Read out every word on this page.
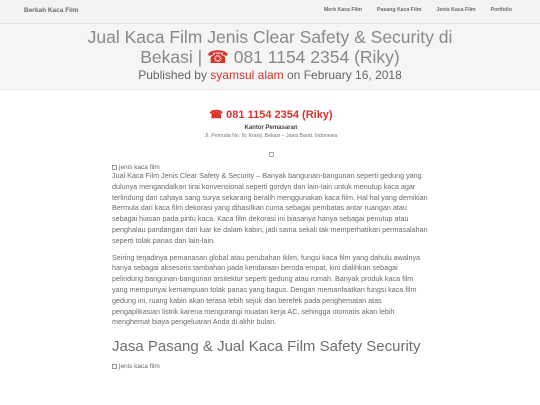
Berkah Kaca Film	Merk Kaca Film	Pasang Kaca Film	Jenis Kaca Film	Portfolio
Jual Kaca Film Jenis Clear Safety & Security di Bekasi | ☎ 081 1154 2354 (Riky)
Published by syamsul alam on February 16, 2018
☎ 081 1154 2354 (Riky)
Kantor Pemasaran
Jl. Pemuda No. 9c Kranji, Bekasi – Jawa Barat, Indonesia
jenis kaca film

Jual Kaca Film Jenis Clear Safety & Security – Banyak bangunan-bangunan seperti gedung yang dulunya mengandalkan tirai konvensional seperti gordyn dan lain-lain untuk menutup kaca agar terlindung dari cahaya sang surya sekarang beralih menggunakan kaca film. Hal hal yang demikian Bermula dari kaca film dekorasi yang dihasilkan cuma sebagai pembatas antar ruangan atau sebagai hiasan pada pintu kaca. Kaca film dekorasi ini biasanya hanya sebagai penutup atau penghalau pandangan dari luar ke dalam kabin, jadi sama sekali tak memperhatikan permasalahan seperti tolak panas dan lain-lain.

Seiring terjadinya pemanasan global atau perubahan iklim, fungsi kaca film yang dahulu awalnya hanya sebagai aksesoris tambahan pada kendaraan beroda empat, kini dialihkan sebagai pelindung bangunan-bangunan arsitektur seperti gedung atau rumah. Banyak produk kaca film yang mempunyai kemampuan tolak panas yang bagus. Dengan memanfaatkan fungsi kaca film gedung ini, ruang kabin akan terasa lebih sejuk dan berefek pada penghematan atas pengaplikasian listrik karena mengurangi muatan kerja AC, sehingga otomatis akan lebih menghemat biaya pengeluaran Anda di akhir bulan.

Jasa Pasang & Jual Kaca Film Safety Security
jenis kaca film
